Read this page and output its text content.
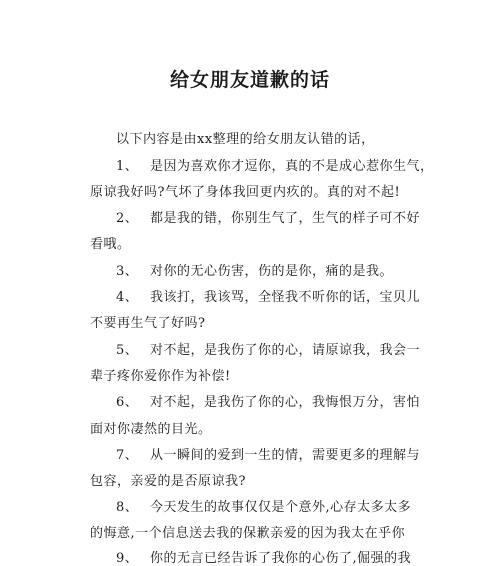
给女朋友道歉的话
以下内容是由xx整理的给女朋友认错的话，
1、 是因为喜欢你才逗你，真的不是成心惹你生气，
原谅我好吗?气坏了身体我回更内疚的。真的对不起!
2、 都是我的错，你别生气了，生气的样子可不好
看哦。
3、 对你的无心伤害，伤的是你，痛的是我。
4、 我该打，我该骂，全怪我不听你的话，宝贝儿
不要再生气了好吗?
5、 对不起，是我伤了你的心，请原谅我，我会一
辈子疼你爱你作为补偿!
6、 对不起，是我伤了你的心，我悔恨万分，害怕
面对你凄然的目光。
7、 从一瞬间的爱到一生的情，需要更多的理解与
包容，亲爱的是否原谅我?
8、 今天发生的故事仅仅是个意外,心存太多太多
的悔意,一个信息送去我的保歉亲爱的因为我太在乎你
9、 你的无言已经告诉了我你的心伤了,倔强的我
